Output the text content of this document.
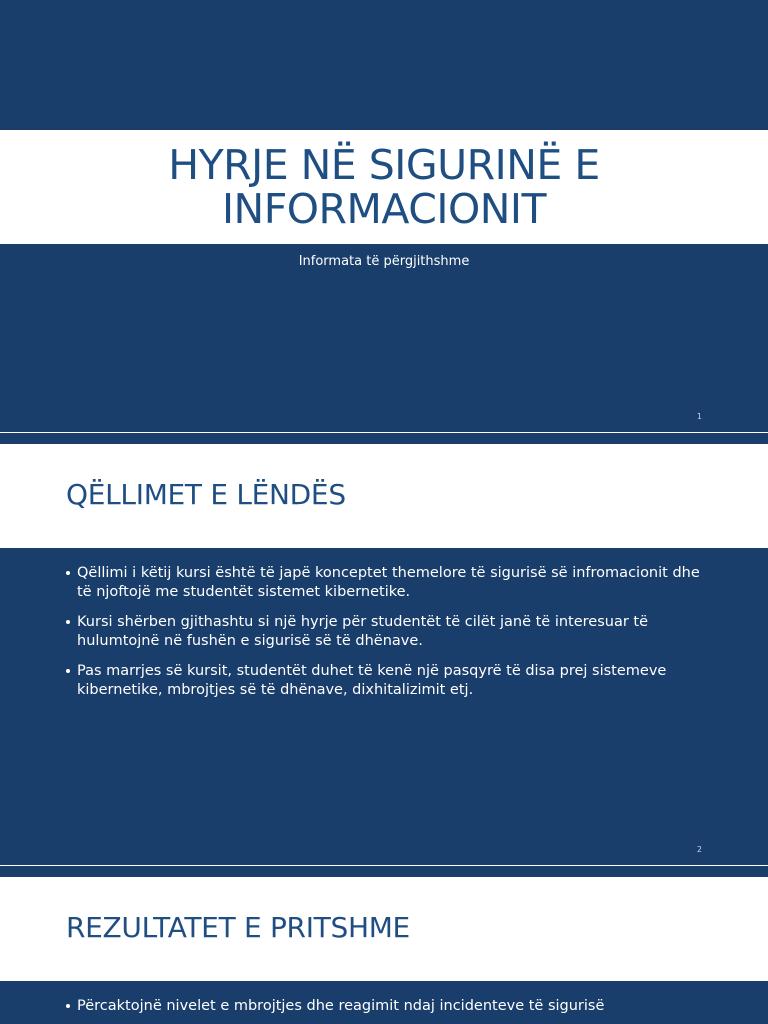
HYRJE NË SIGURINË E
INFORMACIONIT
Informata të përgjithshme
1
QËLLIMET E LËNDËS
Qëllimi i këtij kursi është të japë konceptet themelore të sigurisë së infromacionit dhe të njoftojë me studentët sistemet kibernetike.
Kursi shërben gjithashtu si një hyrje për studentët të cilët janë të interesuar të hulumtojnë në fushën e sigurisë së të dhënave.
Pas marrjes së kursit, studentët duhet të kenë një pasqyrë të disa prej sistemeve kibernetike, mbrojtjes së të dhënave, dixhitalizimit etj.
2
REZULTATET E PRITSHME
Përcaktojnë nivelet e mbrojtjes dhe reagimit ndaj incidenteve të sigurisë
